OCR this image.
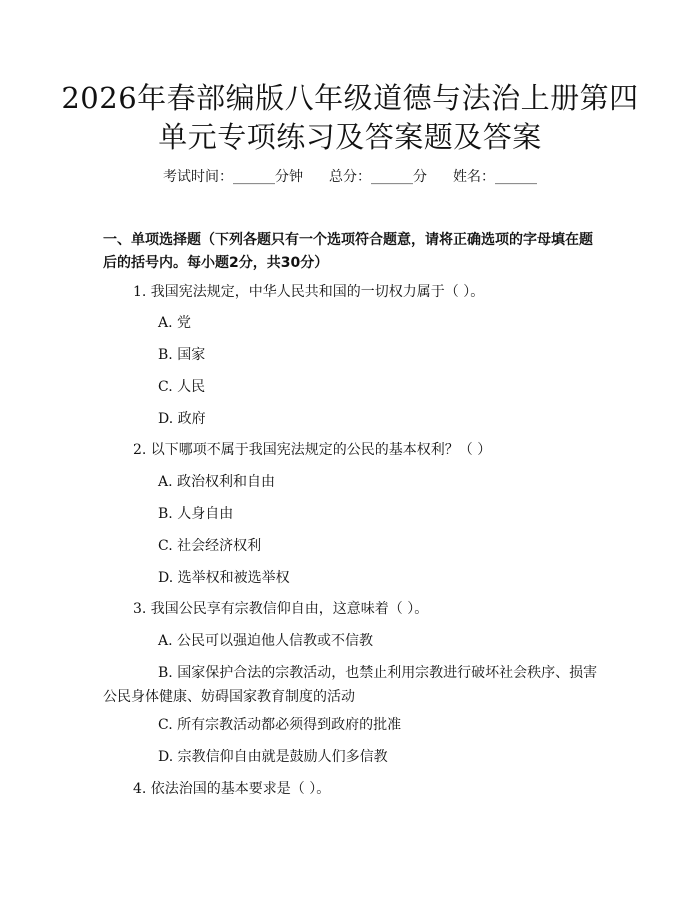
2026年春部编版八年级道德与法治上册第四
单元专项练习及答案题及答案
考试时间：______分钟 总分：______分 姓名：______
一、单项选择题（下列各题只有一个选项符合题意，请将正确选项的字母填在题后的括号内。每小题2分，共30分）
1. 我国宪法规定，中华人民共和国的一切权力属于（ ）。
A. 党
B. 国家
C. 人民
D. 政府
2. 以下哪项不属于我国宪法规定的公民的基本权利？（ ）
A. 政治权利和自由
B. 人身自由
C. 社会经济权利
D. 选举权和被选举权
3. 我国公民享有宗教信仰自由，这意味着（ ）。
A. 公民可以强迫他人信教或不信教
B. 国家保护合法的宗教活动，也禁止利用宗教进行破坏社会秩序、损害公民身体健康、妨碍国家教育制度的活动
C. 所有宗教活动都必须得到政府的批准
D. 宗教信仰自由就是鼓励人们多信教
4. 依法治国的基本要求是（ ）。
